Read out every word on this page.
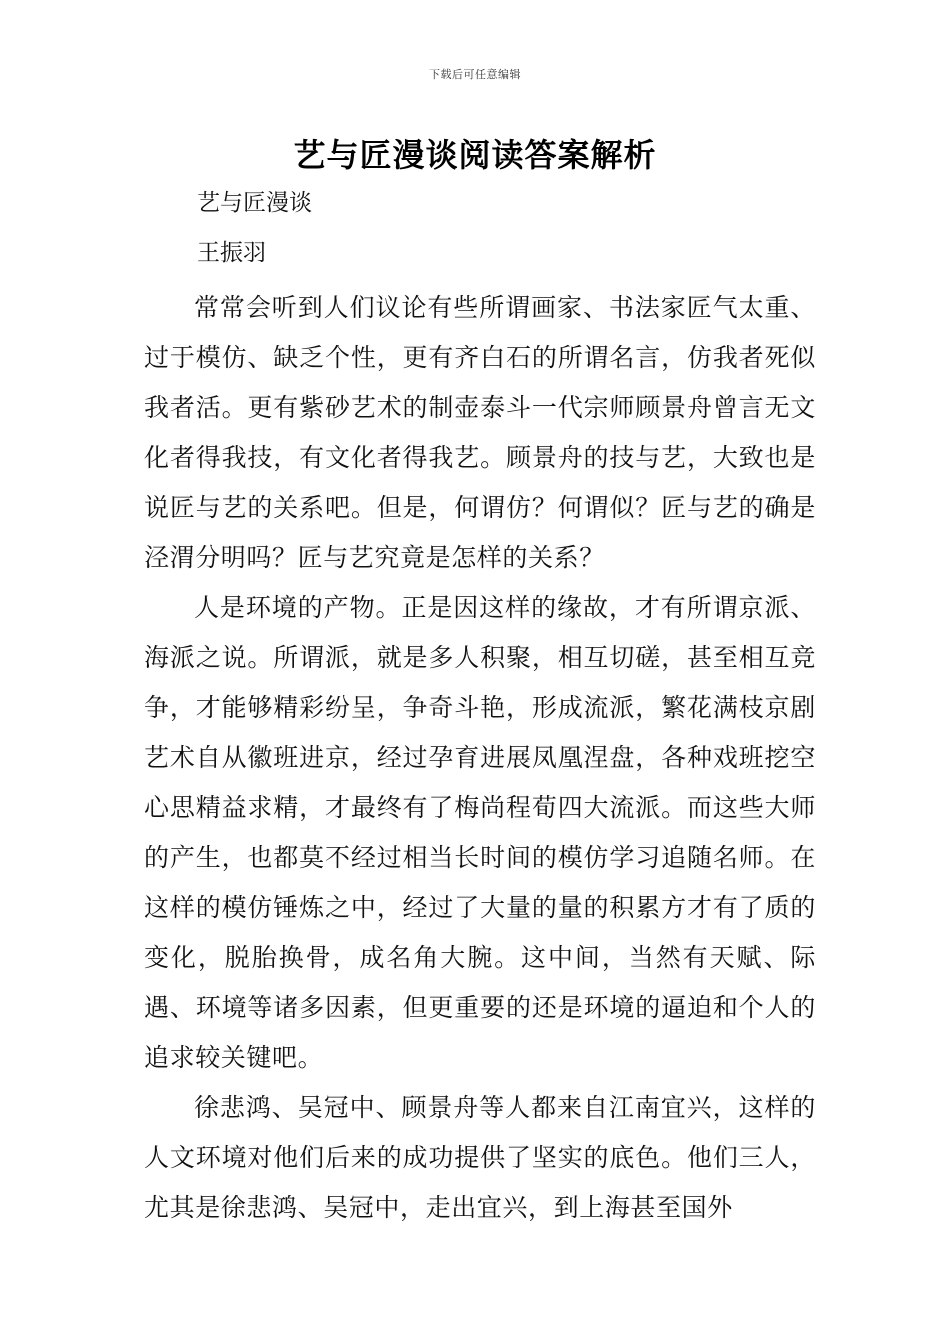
下载后可任意编辑
艺与匠漫谈阅读答案解析
艺与匠漫谈
王振羽

常常会听到人们议论有些所谓画家、书法家匠气太重、过于模仿、缺乏个性，更有齐白石的所谓名言，仿我者死似我者活。更有紫砂艺术的制壶泰斗一代宗师顾景舟曾言无文化者得我技，有文化者得我艺。顾景舟的技与艺，大致也是说匠与艺的关系吧。但是，何谓仿？何谓似？匠与艺的确是泾渭分明吗？匠与艺究竟是怎样的关系？

人是环境的产物。正是因这样的缘故，才有所谓京派、海派之说。所谓派，就是多人积聚，相互切磋，甚至相互竞争，才能够精彩纷呈，争奇斗艳，形成流派，繁花满枝京剧艺术自从徽班进京，经过孕育进展凤凰涅盘，各种戏班挖空心思精益求精，才最终有了梅尚程荀四大流派。而这些大师的产生，也都莫不经过相当长时间的模仿学习追随名师。在这样的模仿锤炼之中，经过了大量的量的积累方才有了质的变化，脱胎换骨，成名角大腕。这中间，当然有天赋、际遇、环境等诸多因素，但更重要的还是环境的逼迫和个人的追求较关键吧。

徐悲鸿、吴冠中、顾景舟等人都来自江南宜兴，这样的人文环境对他们后来的成功提供了坚实的底色。他们三人，尤其是徐悲鸿、吴冠中，走出宜兴，到上海甚至国外
